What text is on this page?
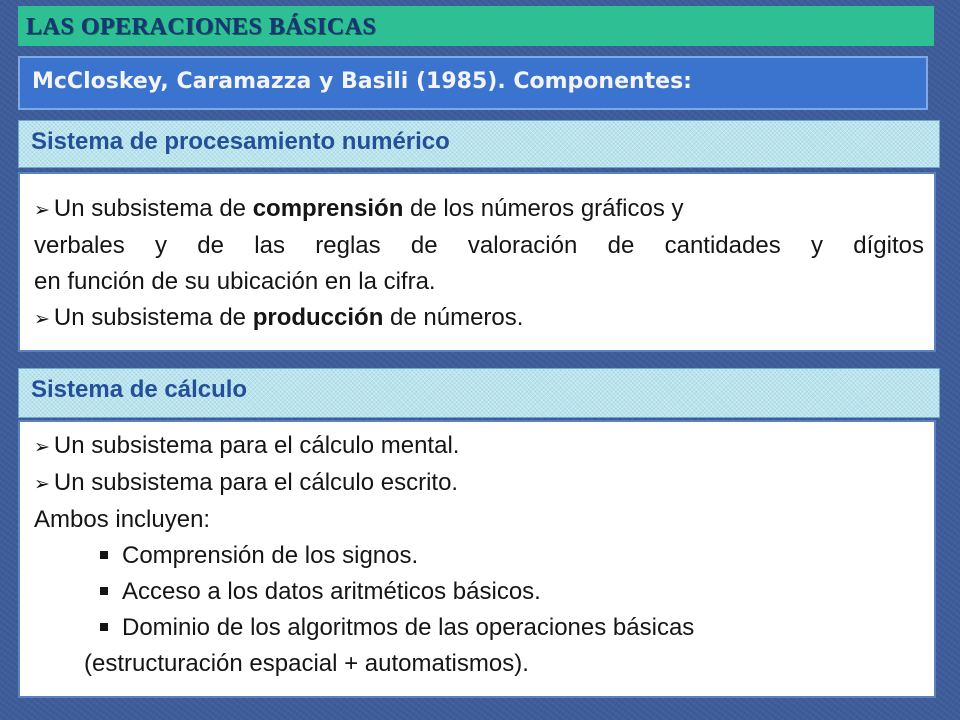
LAS OPERACIONES BÁSICAS
McCloskey, Caramazza y Basili (1985). Componentes:
Sistema de procesamiento numérico
➢ Un subsistema de comprensión de los números gráficos y
verbales y de las reglas de valoración de cantidades y dígitos
en función de su ubicación en la cifra.
➢ Un subsistema de producción de números.
Sistema de cálculo
➢ Un subsistema para el cálculo mental.
➢ Un subsistema para el cálculo escrito.
Ambos incluyen:
Comprensión de los signos.
Acceso a los datos aritméticos básicos.
Dominio de los algoritmos de las operaciones básicas
(estructuración espacial + automatismos).
